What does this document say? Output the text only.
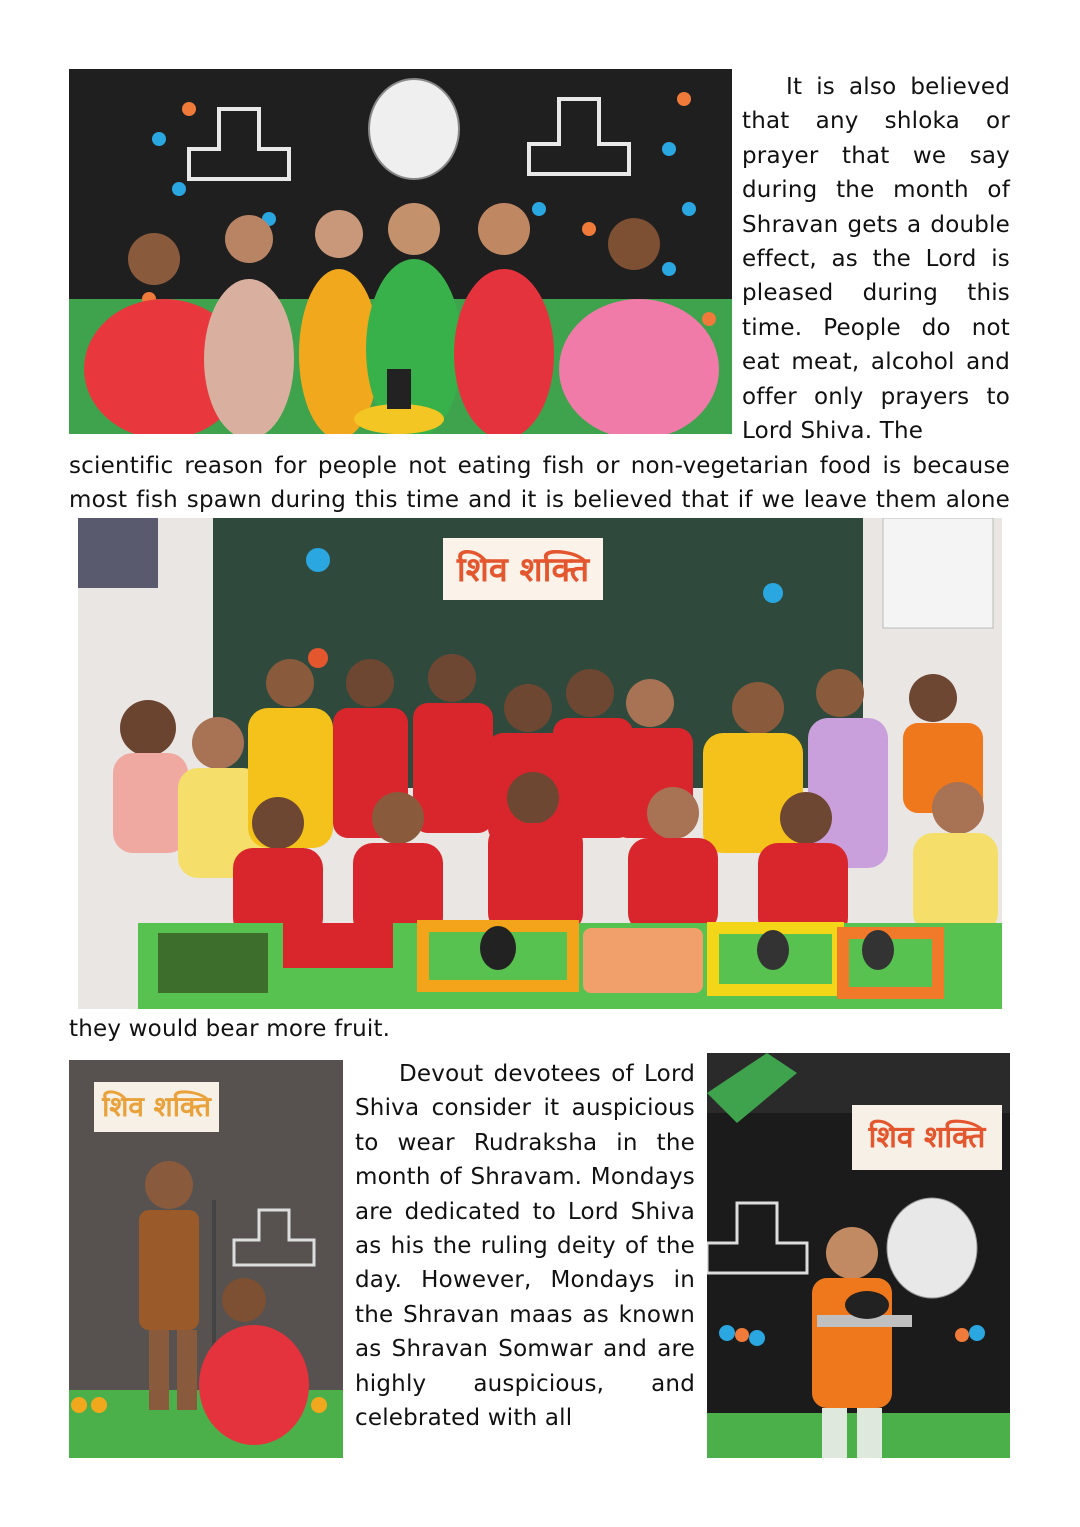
It is also believed that any shloka or prayer that we say during the month of Shravan gets a double effect, as the Lord is pleased during this time. People do not eat meat, alcohol and offer only prayers to Lord Shiva. The
scientific reason for people not eating fish or non-vegetarian food is because most fish spawn during this time and it is believed that if we leave them alone
शिव शक्ति
they would bear more fruit.
शिव शक्ति
Devout devotees of Lord Shiva consider it auspicious to wear Rudraksha in the month of Shravam. Mondays are dedicated to Lord Shiva as his the ruling deity of the day. However, Mondays in the Shravan maas as known as Shravan Somwar and are highly auspicious, and celebrated with all
शिव शक्ति
